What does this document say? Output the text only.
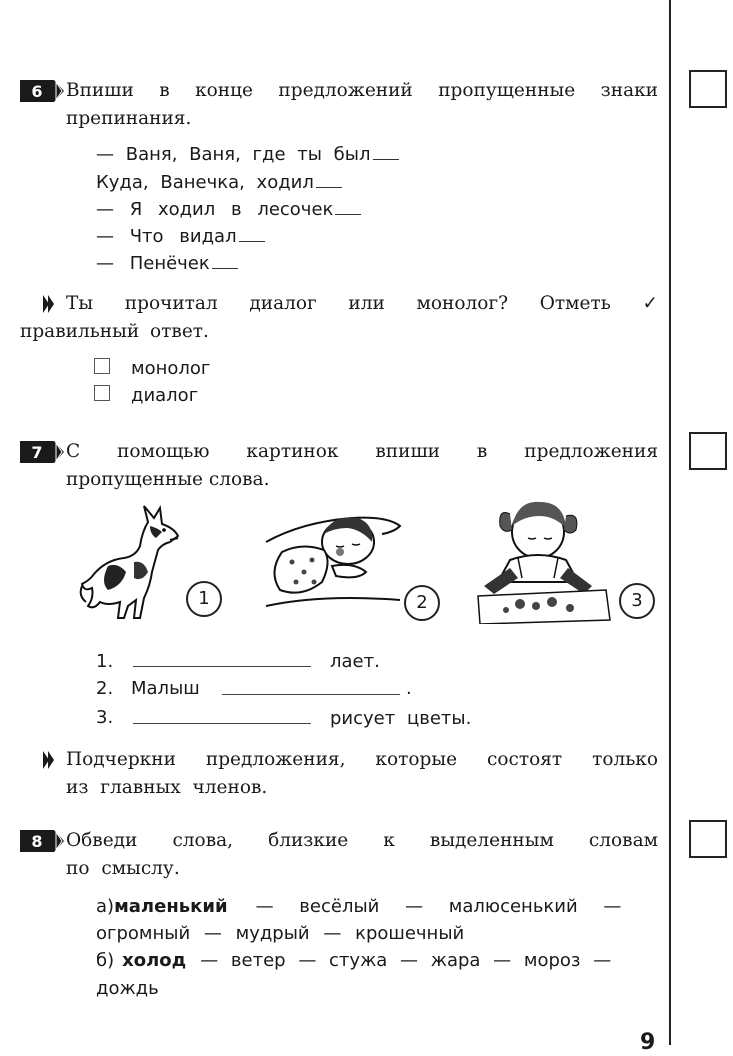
6 Впиши в конце предложений пропущенные знаки
препинания.
— Ваня, Ваня, где ты был
Куда, Ванечка, ходил
— Я ходил в лесочек
— Что видал
— Пенёчек
Ты прочитал диалог или монолог? Отметь ✓
правильный ответ.
монолог
диалог
7 С помощью картинок впиши в предложения
пропущенные слова.
1	2	3
1.	лает.
2. Малыш	.
3.	рисует цветы.
Подчеркни предложения, которые состоят только
из главных членов.
8 Обведи слова, близкие к выделенным словам
по смыслу.
а) маленький — весёлый — малюсенький —
огромный — мудрый — крошечный
б) холод — ветер — стужа — жара — мороз —
дождь
9
